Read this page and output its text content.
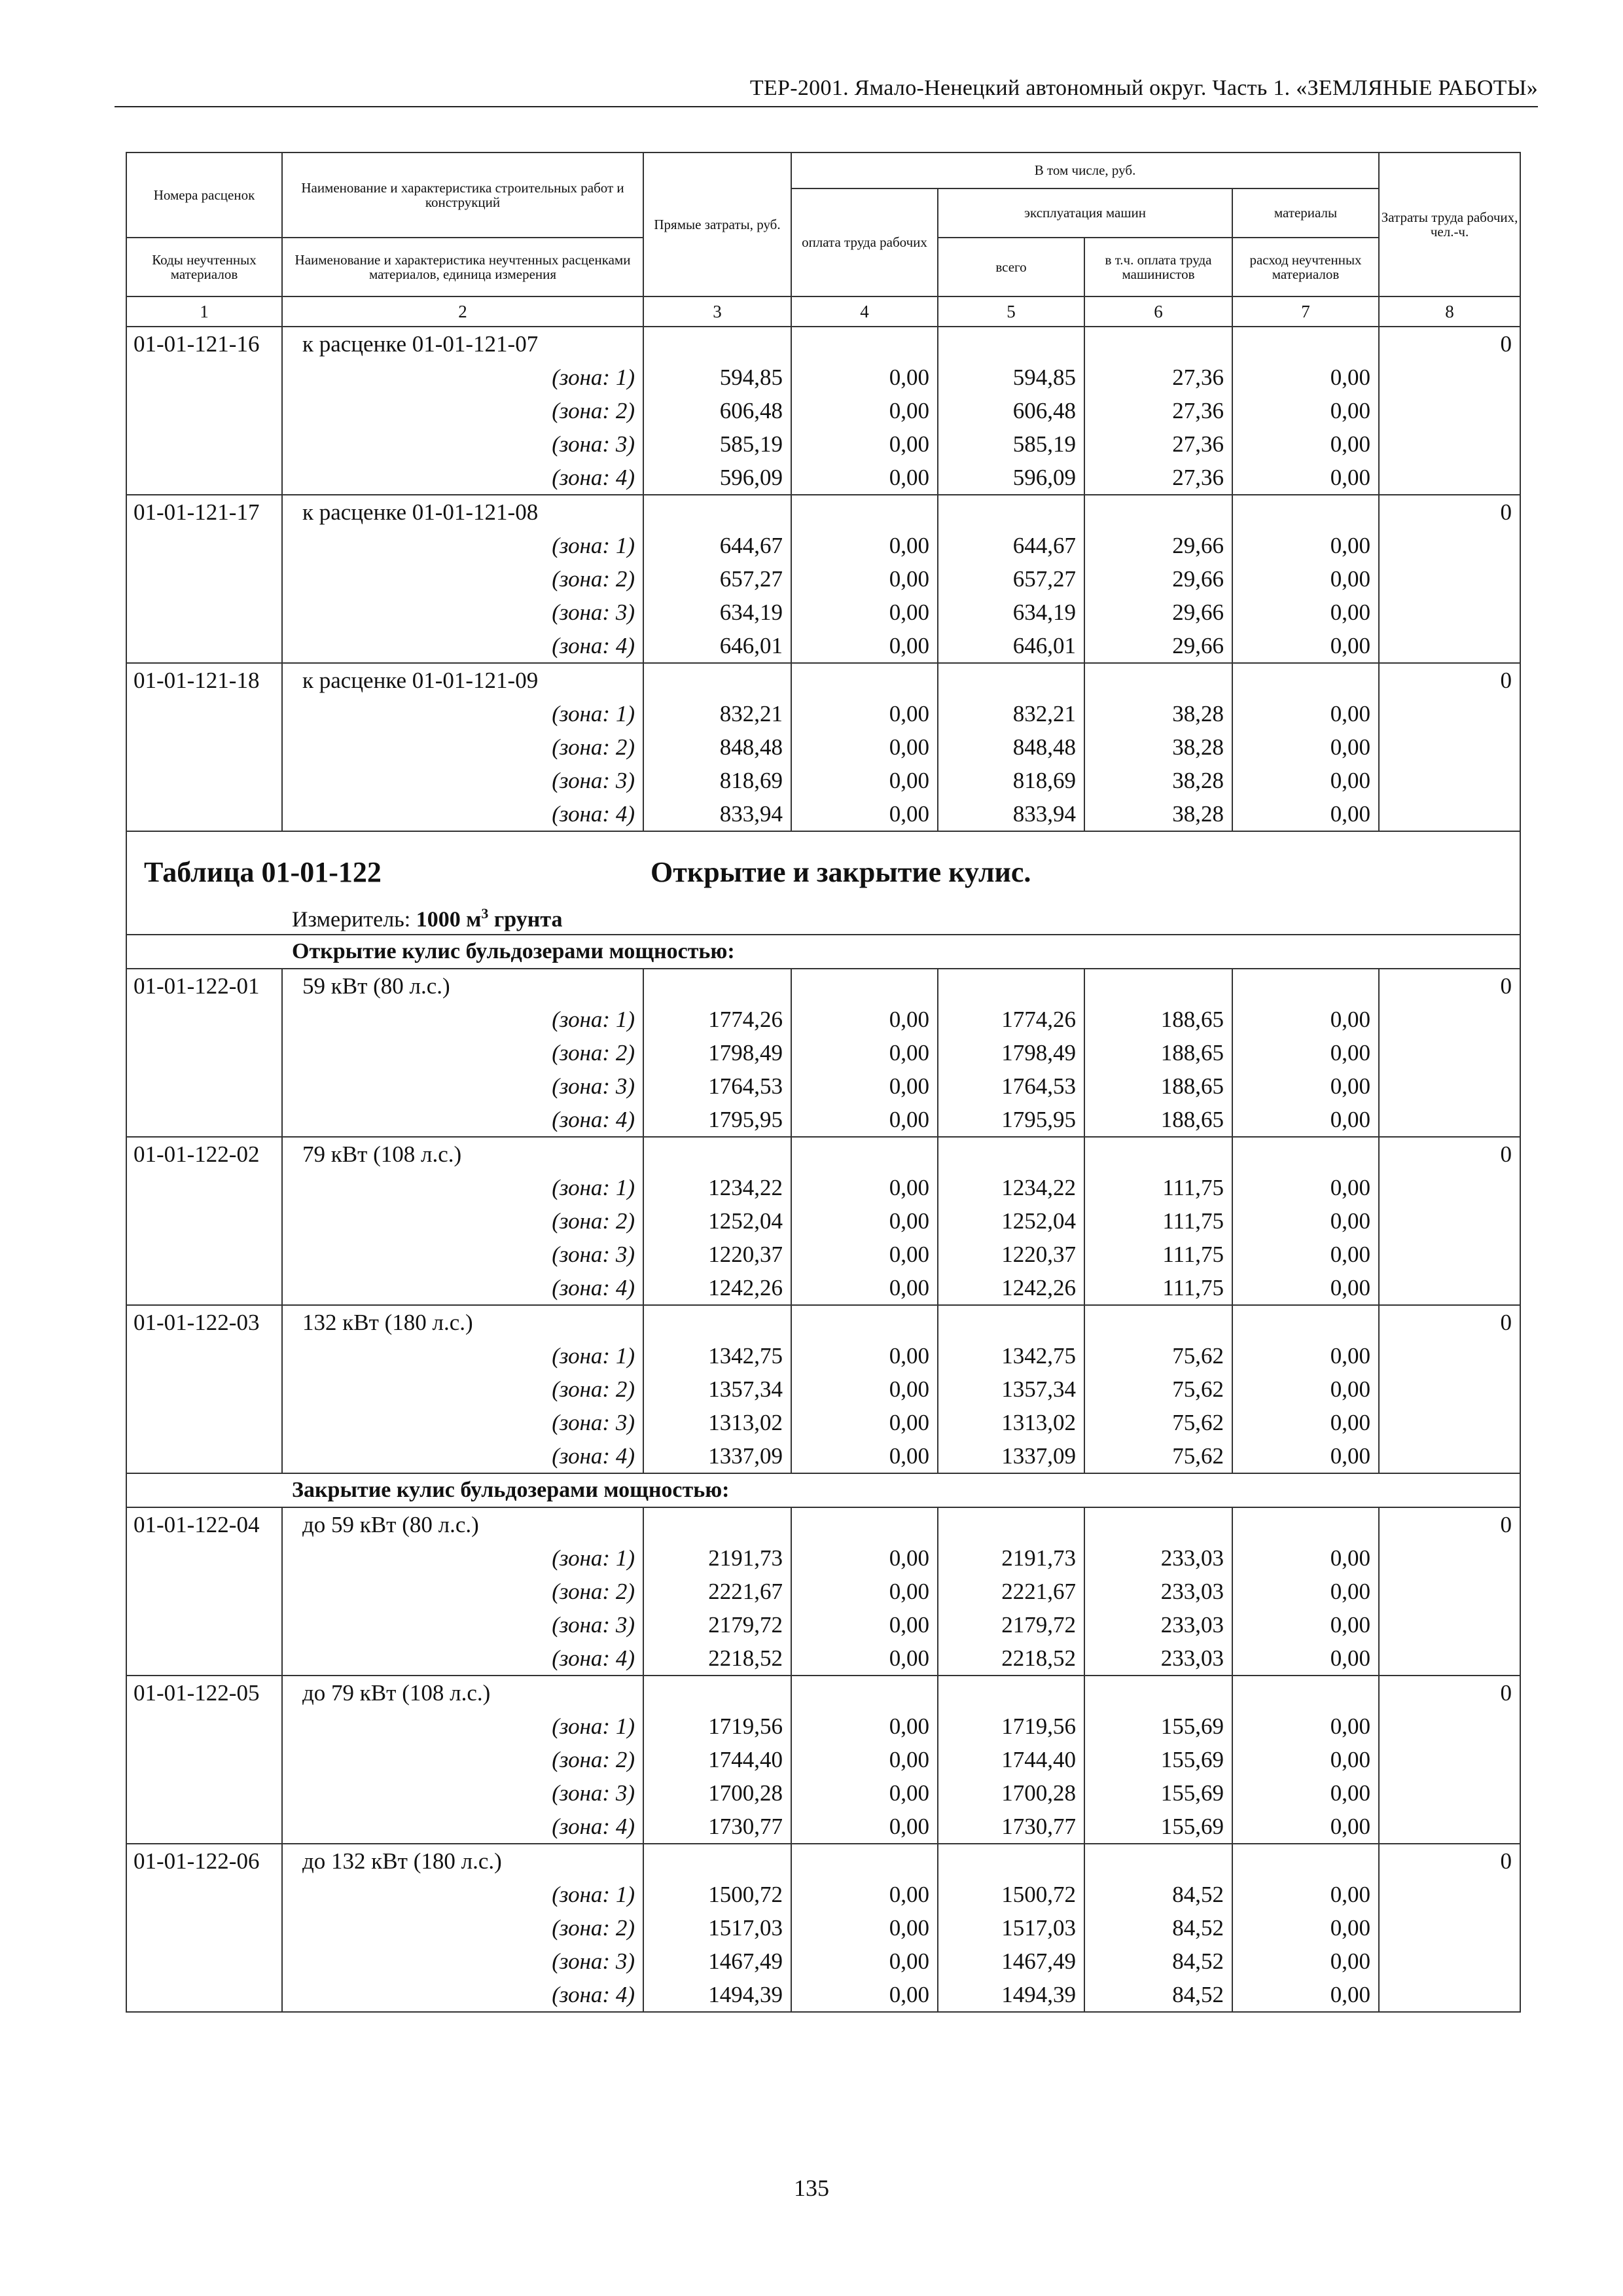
ТЕР-2001. Ямало-Ненецкий автономный округ. Часть 1. «ЗЕМЛЯНЫЕ РАБОТЫ»
Номера расценок	Наименование и характеристика строительных работ и конструкций	Прямые затраты, руб.	В том числе, руб.				Затраты труда рабочих, чел.-ч.
			оплата труда рабочих	эксплуатация машин		материалы	
Коды неучтенных материалов	Наименование и характеристика неучтенных расценками материалов, единица измерения			всего	в т.ч. оплата труда машинистов	расход неучтенных материалов	
1	2	3	4	5	6	7	8
01-01-121-16	к расценке 01-01-121-07						0
	(зона: 1)	594,85	0,00	594,85	27,36	0,00	
	(зона: 2)	606,48	0,00	606,48	27,36	0,00	
	(зона: 3)	585,19	0,00	585,19	27,36	0,00	
	(зона: 4)	596,09	0,00	596,09	27,36	0,00	
01-01-121-17	к расценке 01-01-121-08						0
	(зона: 1)	644,67	0,00	644,67	29,66	0,00	
	(зона: 2)	657,27	0,00	657,27	29,66	0,00	
	(зона: 3)	634,19	0,00	634,19	29,66	0,00	
	(зона: 4)	646,01	0,00	646,01	29,66	0,00	
01-01-121-18	к расценке 01-01-121-09						0
	(зона: 1)	832,21	0,00	832,21	38,28	0,00	
	(зона: 2)	848,48	0,00	848,48	38,28	0,00	
	(зона: 3)	818,69	0,00	818,69	38,28	0,00	
	(зона: 4)	833,94	0,00	833,94	38,28	0,00	

Таблица 01-01-122 Открытие и закрытие кулис.							

Измеритель: 1000 $м^3$ грунта							

Открытие кулис бульдозерами мощностью:							

01-01-122-01	59 кВт (80 л.с.)						0
	(зона: 1)	1774,26	0,00	1774,26	188,65	0,00	
	(зона: 2)	1798,49	0,00	1798,49	188,65	0,00	
	(зона: 3)	1764,53	0,00	1764,53	188,65	0,00	
	(зона: 4)	1795,95	0,00	1795,95	188,65	0,00	
01-01-122-02	79 кВт (108 л.с.)						0
	(зона: 1)	1234,22	0,00	1234,22	111,75	0,00	
	(зона: 2)	1252,04	0,00	1252,04	111,75	0,00	
	(зона: 3)	1220,37	0,00	1220,37	111,75	0,00	
	(зона: 4)	1242,26	0,00	1242,26	111,75	0,00	
01-01-122-03	132 кВт (180 л.с.)						0
	(зона: 1)	1342,75	0,00	1342,75	75,62	0,00	
	(зона: 2)	1357,34	0,00	1357,34	75,62	0,00	
	(зона: 3)	1313,02	0,00	1313,02	75,62	0,00	
	(зона: 4)	1337,09	0,00	1337,09	75,62	0,00	

Закрытие кулис бульдозерами мощностью:							

01-01-122-04	до 59 кВт (80 л.с.)						0
	(зона: 1)	2191,73	0,00	2191,73	233,03	0,00	
	(зона: 2)	2221,67	0,00	2221,67	233,03	0,00	
	(зона: 3)	2179,72	0,00	2179,72	233,03	0,00	
	(зона: 4)	2218,52	0,00	2218,52	233,03	0,00	
01-01-122-05	до 79 кВт (108 л.с.)						0
	(зона: 1)	1719,56	0,00	1719,56	155,69	0,00	
	(зона: 2)	1744,40	0,00	1744,40	155,69	0,00	
	(зона: 3)	1700,28	0,00	1700,28	155,69	0,00	
	(зона: 4)	1730,77	0,00	1730,77	155,69	0,00	
01-01-122-06	до 132 кВт (180 л.с.)						0
	(зона: 1)	1500,72	0,00	1500,72	84,52	0,00	
	(зона: 2)	1517,03	0,00	1517,03	84,52	0,00	
	(зона: 3)	1467,49	0,00	1467,49	84,52	0,00	
	(зона: 4)	1494,39	0,00	1494,39	84,52	0,00	
135
